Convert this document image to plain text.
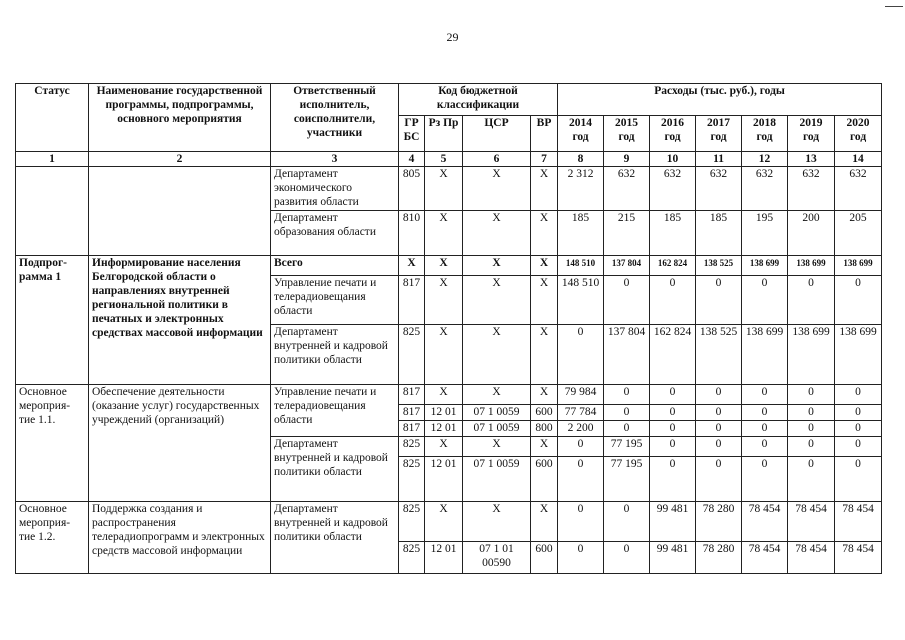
29
Статус	Наименование государственной программы, подпрограммы, основного мероприятия	Ответственный исполнитель, соисполнители, участники	Код бюджетной классификации				Расходы (тыс. руб.), годы						
			ГР БС	Рз Пр	ЦСР	ВР	2014 год	2015 год	2016 год	2017 год	2018 год	2019 год	2020 год
1	2	3	4	5	6	7	8	9	10	11	12	13	14
		Департамент экономического развития области	805	X	X	X	2 312	632	632	632	632	632	632
		Департамент образования области	810	X	X	X	185	215	185	185	195	200	205
Подпрог-рамма 1	Информирование населения Белгородской области о направлениях внутренней региональной политики в печатных и электронных средствах массовой информации	Всего	X	X	X	X	148 510	137 804	162 824	138 525	138 699	138 699	138 699
		Управление печати и телерадиовещания области	817	X	X	X	148 510	0	0	0	0	0	0
		Департамент внутренней и кадровой политики области	825	X	X	X	0	137 804	162 824	138 525	138 699	138 699	138 699
Основное мероприя-тие 1.1.	Обеспечение деятельности (оказание услуг) государственных учреждений (организаций)	Управление печати и телерадиовещания области	817	X	X	X	79 984	0	0	0	0	0	0
			817	12 01	07 1 0059	600	77 784	0	0	0	0	0	0
			817	12 01	07 1 0059	800	2 200	0	0	0	0	0	0
		Департамент внутренней и кадровой политики области	825	X	X	X	0	77 195	0	0	0	0	0
			825	12 01	07 1 0059	600	0	77 195	0	0	0	0	0
Основное мероприя-тие 1.2.	Поддержка создания и распространения телерадиопрограмм и электронных средств массовой информации	Департамент внутренней и кадровой политики области	825	X	X	X	0	0	99 481	78 280	78 454	78 454	78 454
			825	12 01	07 1 01 00590	600	0	0	99 481	78 280	78 454	78 454	78 454
